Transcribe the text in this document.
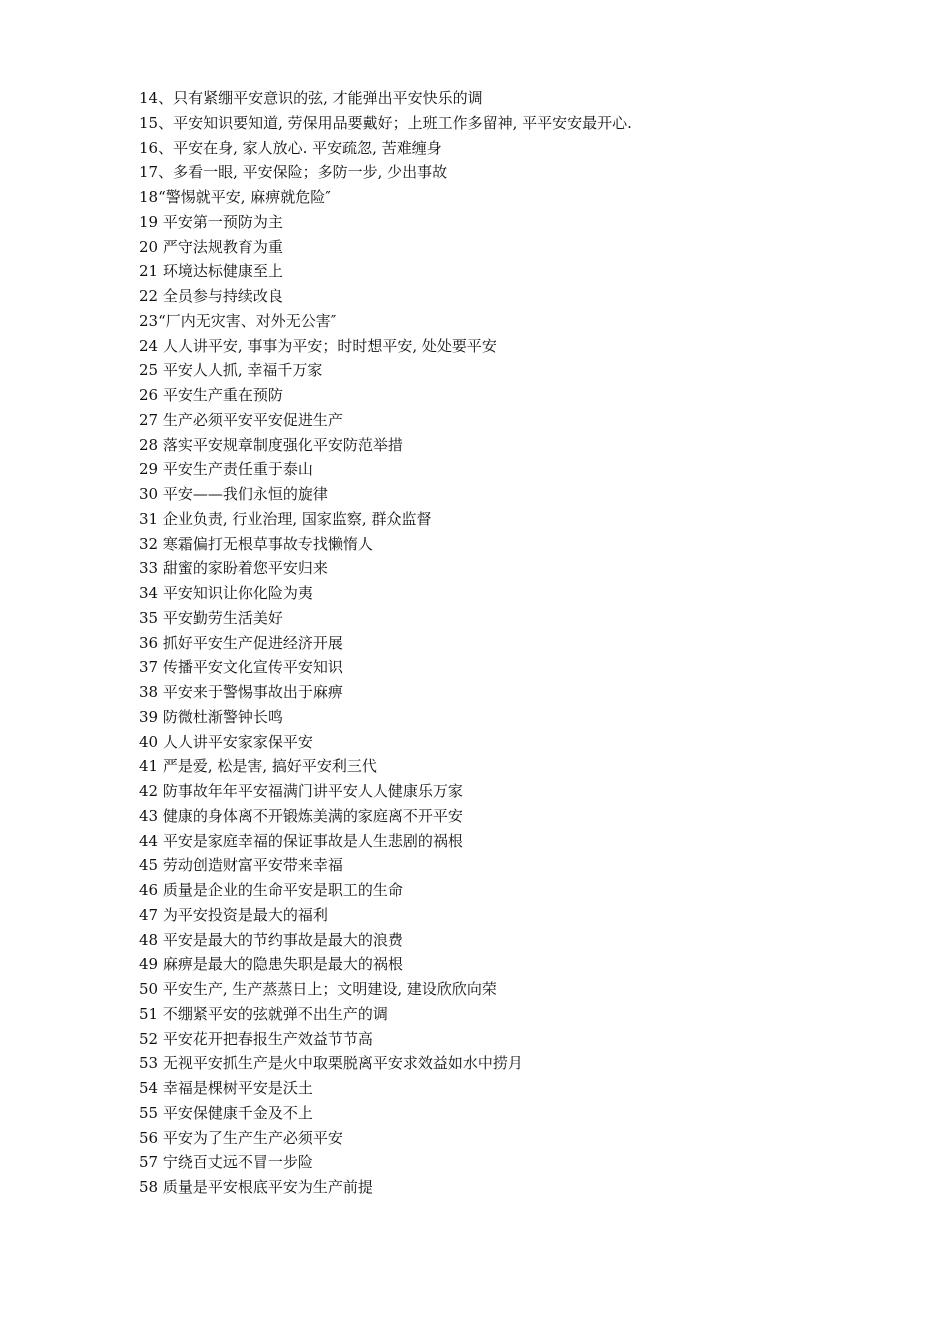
14、只有紧绷平安意识的弦, 才能弹出平安快乐的调
15、平安知识要知道, 劳保用品要戴好；上班工作多留神, 平平安安最开心.
16、平安在身, 家人放心. 平安疏忽, 苦难缠身
17、多看一眼, 平安保险；多防一步, 少出事故
18“警惕就平安, 麻痹就危险″
19 平安第一预防为主
20 严守法规教育为重
21 环境达标健康至上
22 全员参与持续改良
23“厂内无灾害、对外无公害″
24 人人讲平安, 事事为平安；时时想平安, 处处要平安
25 平安人人抓, 幸福千万家
26 平安生产重在预防
27 生产必须平安平安促进生产
28 落实平安规章制度强化平安防范举措
29 平安生产责任重于泰山
30 平安——我们永恒的旋律
31 企业负责, 行业治理, 国家监察, 群众监督
32 寒霜偏打无根草事故专找懒惰人
33 甜蜜的家盼着您平安归来
34 平安知识让你化险为夷
35 平安勤劳生活美好
36 抓好平安生产促进经济开展
37 传播平安文化宣传平安知识
38 平安来于警惕事故出于麻痹
39 防微杜渐警钟长鸣
40 人人讲平安家家保平安
41 严是爱, 松是害, 搞好平安利三代
42 防事故年年平安福满门讲平安人人健康乐万家
43 健康的身体离不开锻炼美满的家庭离不开平安
44 平安是家庭幸福的保证事故是人生悲剧的祸根
45 劳动创造财富平安带来幸福
46 质量是企业的生命平安是职工的生命
47 为平安投资是最大的福利
48 平安是最大的节约事故是最大的浪费
49 麻痹是最大的隐患失职是最大的祸根
50 平安生产, 生产蒸蒸日上；文明建设, 建设欣欣向荣
51 不绷紧平安的弦就弹不出生产的调
52 平安花开把春报生产效益节节高
53 无视平安抓生产是火中取栗脱离平安求效益如水中捞月
54 幸福是棵树平安是沃土
55 平安保健康千金及不上
56 平安为了生产生产必须平安
57 宁绕百丈远不冒一步险
58 质量是平安根底平安为生产前提
